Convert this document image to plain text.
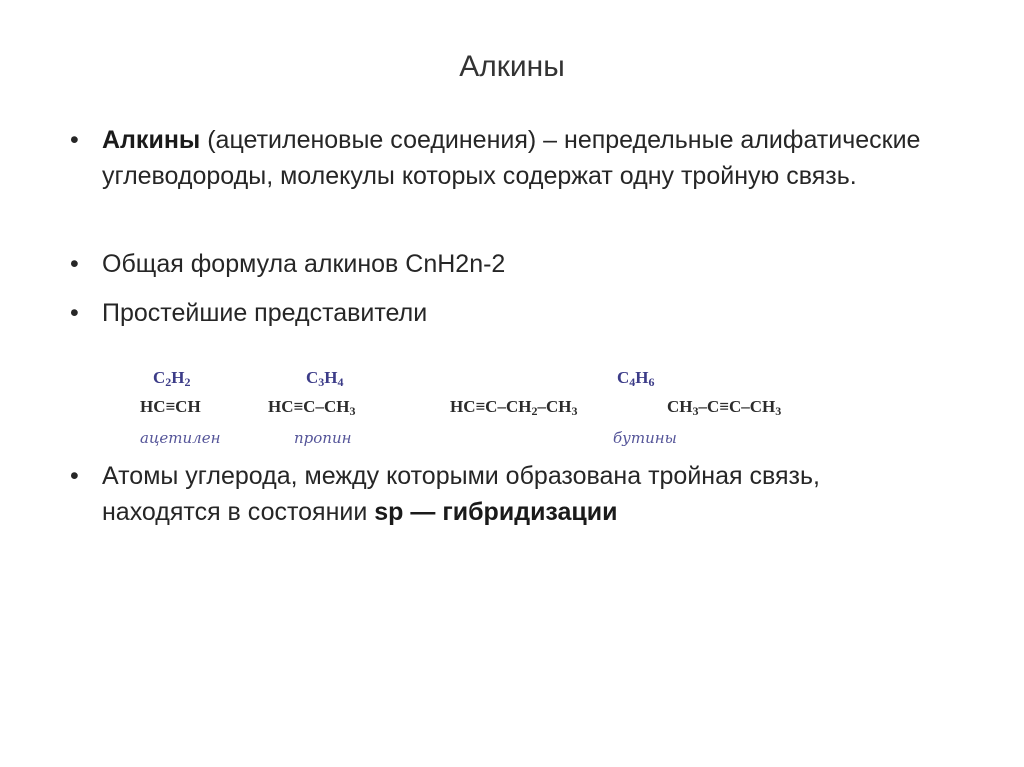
Алкины
• Алкины (ацетиленовые соединения) – непредельные алифатические углеводороды, молекулы которых содержат одну тройную связь.
• Общая формула алкинов CnH2n-2
• Простейшие представители
$C_2H_2$
HC≡CH
ацетилен
$C_3H_4$
$HC\equiv C-CH_3$
пропин
$C_4H_6$
$HC\equiv C-CH_2-CH_3$	$CH_3-C\equiv C-CH_3$
бутины
• Атомы углерода, между которыми образована тройная связь, находятся в состоянии sp — гибридизации
